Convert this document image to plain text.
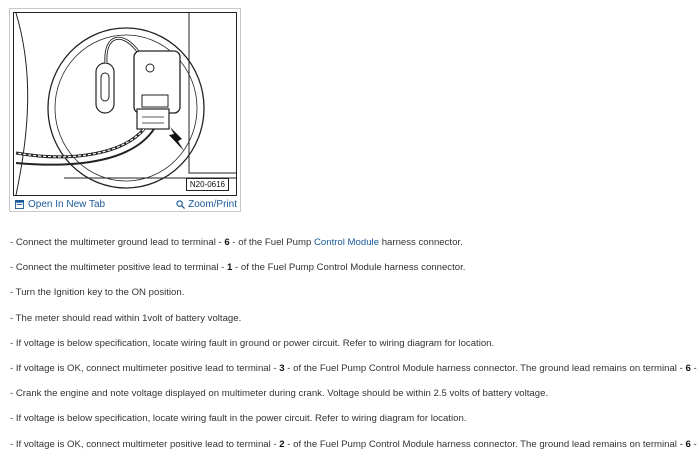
N20-0616
Open In New Tab	Zoom/Print
- Connect the multimeter ground lead to terminal - 6 - of the Fuel Pump Control Module harness connector.
- Connect the multimeter positive lead to terminal - 1 - of the Fuel Pump Control Module harness connector.
- Turn the Ignition key to the ON position.
- The meter should read within 1volt of battery voltage.
- If voltage is below specification, locate wiring fault in ground or power circuit. Refer to wiring diagram for location.
- If voltage is OK, connect multimeter positive lead to terminal - 3 - of the Fuel Pump Control Module harness connector. The ground lead remains on terminal - 6 -
- Crank the engine and note voltage displayed on multimeter during crank. Voltage should be within 2.5 volts of battery voltage.
- If voltage is below specification, locate wiring fault in the power circuit. Refer to wiring diagram for location.
- If voltage is OK, connect multimeter positive lead to terminal - 2 - of the Fuel Pump Control Module harness connector. The ground lead remains on terminal - 6 -
